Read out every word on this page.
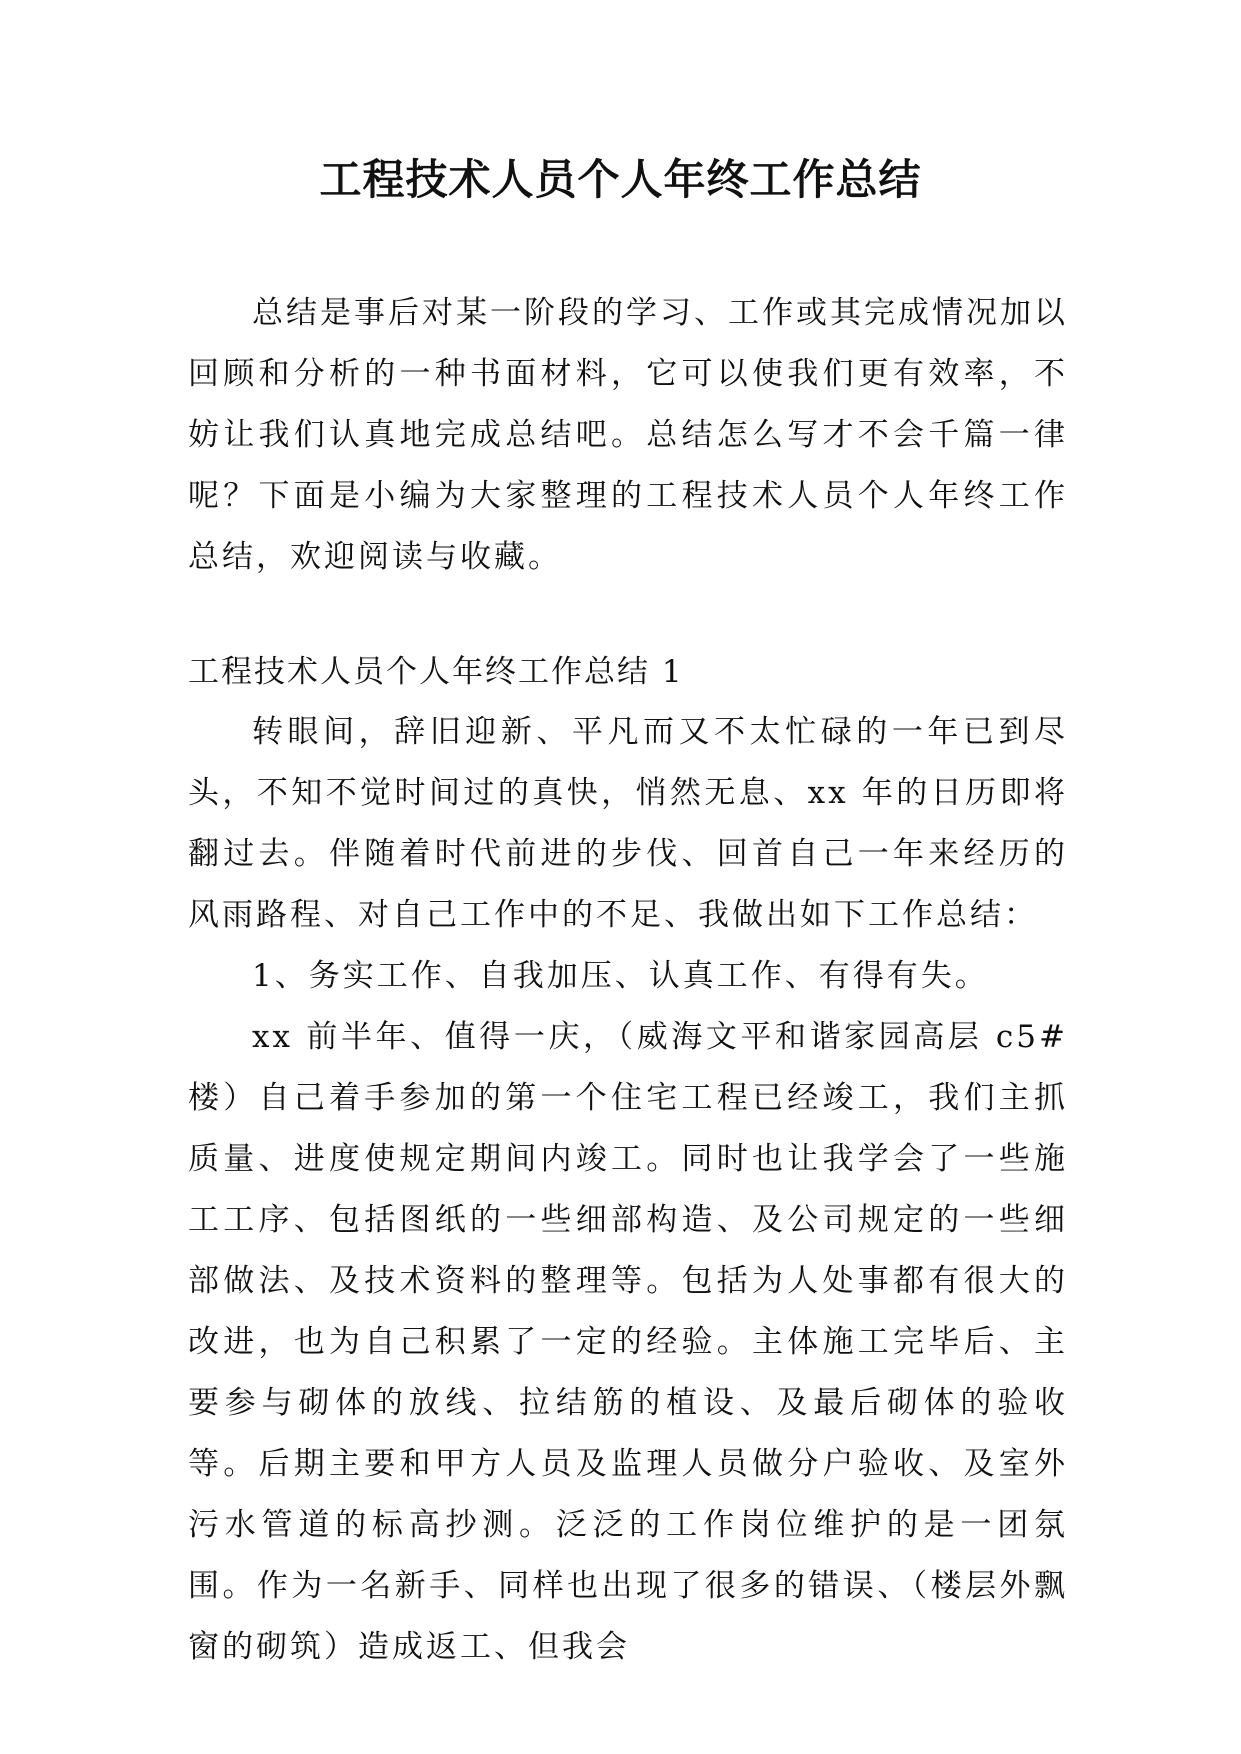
工程技术人员个人年终工作总结

总结是事后对某一阶段的学习、工作或其完成情况加以回顾和分析的一种书面材料，它可以使我们更有效率，不妨让我们认真地完成总结吧。总结怎么写才不会千篇一律呢？下面是小编为大家整理的工程技术人员个人年终工作总结，欢迎阅读与收藏。

工程技术人员个人年终工作总结 1

转眼间，辞旧迎新、平凡而又不太忙碌的一年已到尽头，不知不觉时间过的真快，悄然无息、xx 年的日历即将翻过去。伴随着时代前进的步伐、回首自己一年来经历的风雨路程、对自己工作中的不足、我做出如下工作总结：

1、务实工作、自我加压、认真工作、有得有失。

xx 前半年、值得一庆，（威海文平和谐家园高层 c5#楼）自己着手参加的第一个住宅工程已经竣工，我们主抓质量、进度使规定期间内竣工。同时也让我学会了一些施工工序、包括图纸的一些细部构造、及公司规定的一些细部做法、及技术资料的整理等。包括为人处事都有很大的改进，也为自己积累了一定的经验。主体施工完毕后、主要参与砌体的放线、拉结筋的植设、及最后砌体的验收等。后期主要和甲方人员及监理人员做分户验收、及室外污水管道的标高抄测。泛泛的工作岗位维护的是一团氛围。作为一名新手、同样也出现了很多的错误、（楼层外飘窗的砌筑）造成返工、但我会
